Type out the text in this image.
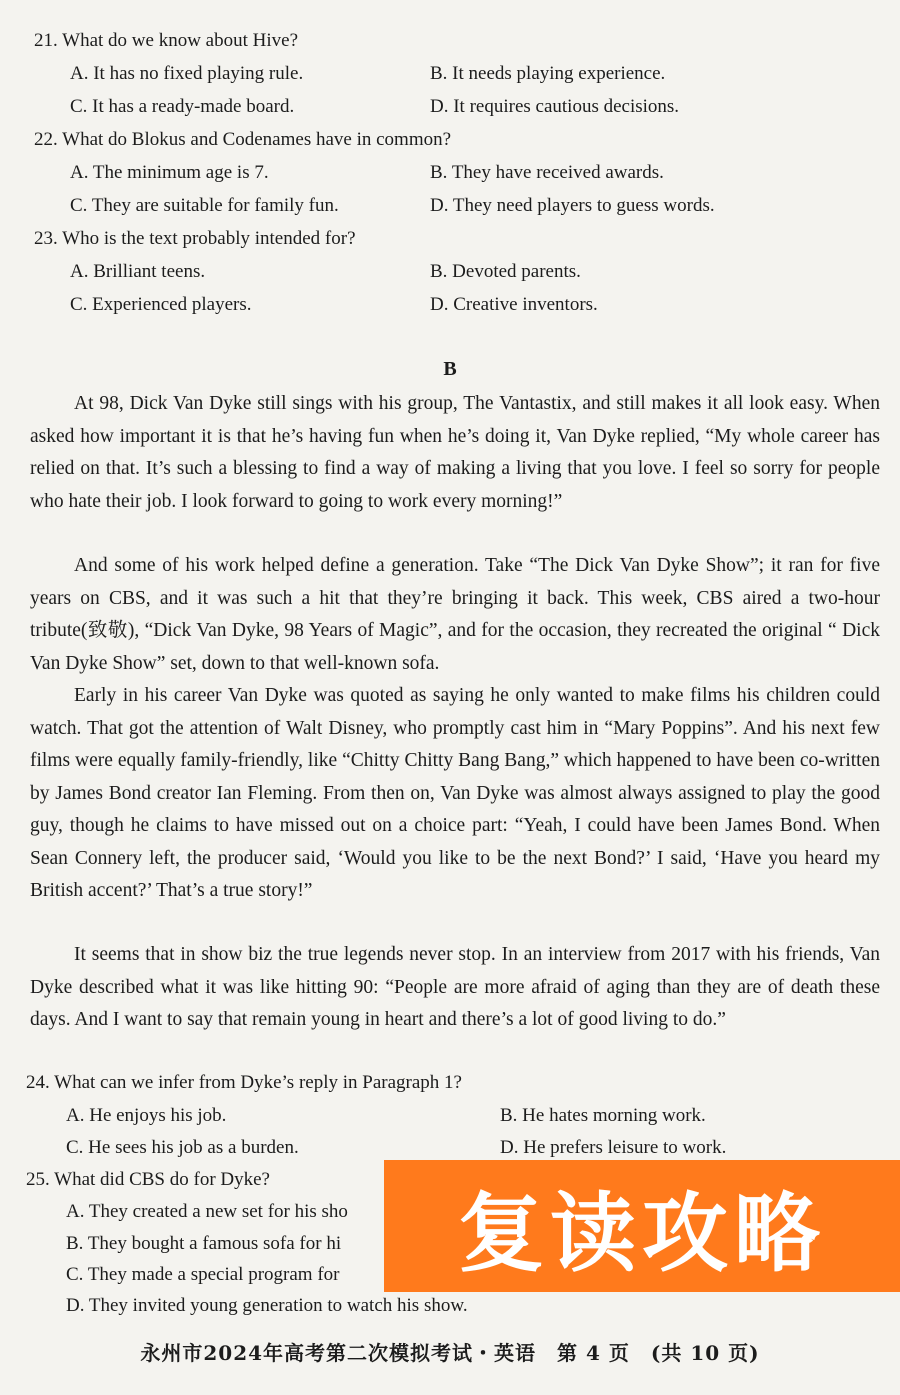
21. What do we know about Hive?
A. It has no fixed playing rule.	B. It needs playing experience.
C. It has a ready-made board.	D. It requires cautious decisions.
22. What do Blokus and Codenames have in common?
A. The minimum age is 7.	B. They have received awards.
C. They are suitable for family fun.	D. They need players to guess words.
23. Who is the text probably intended for?
A. Brilliant teens.	B. Devoted parents.
C. Experienced players.	D. Creative inventors.
B
At 98, Dick Van Dyke still sings with his group, The Vantastix, and still makes it all look easy. When asked how important it is that he’s having fun when he’s doing it, Van Dyke replied, “My whole career has relied on that. It’s such a blessing to find a way of making a living that you love. I feel so sorry for people who hate their job. I look forward to going to work every morning!”
And some of his work helped define a generation. Take “The Dick Van Dyke Show”; it ran for five years on CBS, and it was such a hit that they’re bringing it back. This week, CBS aired a two-hour tribute(致敬), “Dick Van Dyke, 98 Years of Magic”, and for the occasion, they recreated the original “ Dick Van Dyke Show” set, down to that well-known sofa.
Early in his career Van Dyke was quoted as saying he only wanted to make films his children could watch. That got the attention of Walt Disney, who promptly cast him in “Mary Poppins”. And his next few films were equally family-friendly, like “Chitty Chitty Bang Bang,” which happened to have been co-written by James Bond creator Ian Fleming. From then on, Van Dyke was almost always assigned to play the good guy, though he claims to have missed out on a choice part: “Yeah, I could have been James Bond. When Sean Connery left, the producer said, ‘Would you like to be the next Bond?’ I said, ‘Have you heard my British accent?’ That’s a true story!”
It seems that in show biz the true legends never stop. In an interview from 2017 with his friends, Van Dyke described what it was like hitting 90: “People are more afraid of aging than they are of death these days. And I want to say that remain young in heart and there’s a lot of good living to do.”
24. What can we infer from Dyke’s reply in Paragraph 1?
A. He enjoys his job.	B. He hates morning work.
C. He sees his job as a burden.	D. He prefers leisure to work.
25. What did CBS do for Dyke?
A. They created a new set for his sho
B. They bought a famous sofa for hi
C. They made a special program for
D. They invited young generation to watch his show.
复读攻略
永州市2024年高考第二次模拟考试・英语　第 4 页　(共 10 页)
